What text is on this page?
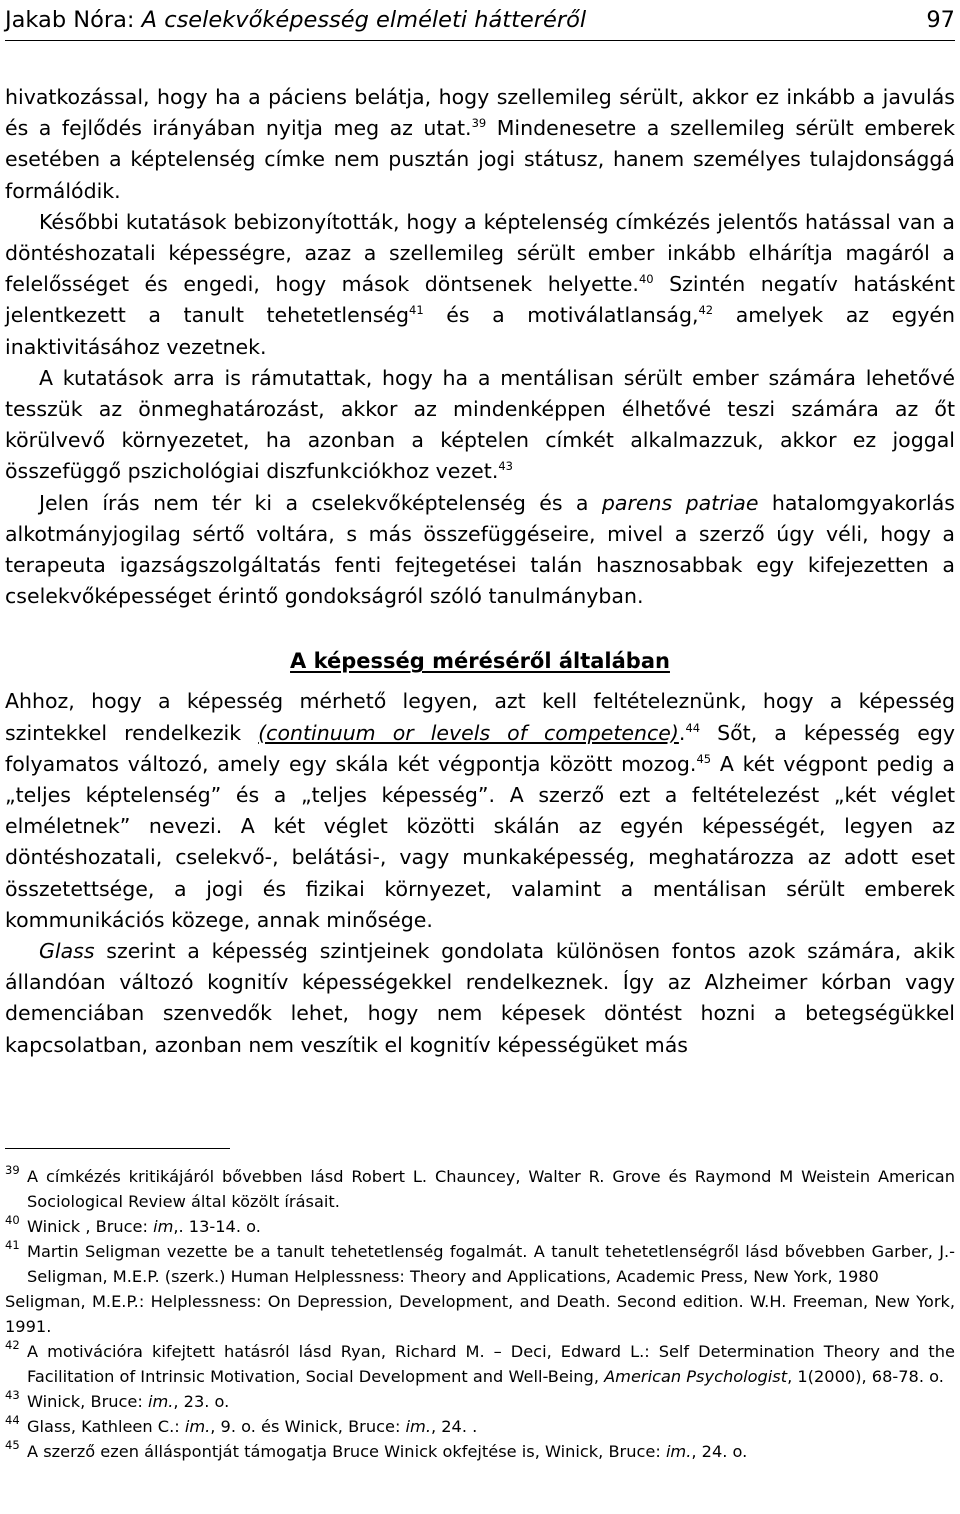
Jakab Nóra: A cselekvőképesség elméleti hátteréről	97

hivatkozással, hogy ha a páciens belátja, hogy szellemileg sérült, akkor ez inkább a javulás és a fejlődés irányában nyitja meg az utat.$^{39}$ Mindenesetre a szellemileg sérült emberek esetében a képtelenség címke nem pusztán jogi státusz, hanem személyes tulajdonsággá formálódik.

Későbbi kutatások bebizonyították, hogy a képtelenség címkézés jelentős hatással van a döntéshozatali képességre, azaz a szellemileg sérült ember inkább elhárítja magáról a felelősséget és engedi, hogy mások döntsenek helyette.$^{40}$ Szintén negatív hatásként jelentkezett a tanult tehetetlenség$^{41}$ és a motiválatlanság,$^{42}$ amelyek az egyén inaktivitásához vezetnek.

A kutatások arra is rámutattak, hogy ha a mentálisan sérült ember számára lehetővé tesszük az önmeghatározást, akkor az mindenképpen élhetővé teszi számára az őt körülvevő környezetet, ha azonban a képtelen címkét alkalmazzuk, akkor ez joggal összefüggő pszichológiai diszfunkciókhoz vezet.$^{43}$

Jelen írás nem tér ki a cselekvőképtelenség és a parens patriae hatalomgyakorlás alkotmányjogilag sértő voltára, s más összefüggéseire, mivel a szerző úgy véli, hogy a terapeuta igazságszolgáltatás fenti fejtegetései talán hasznosabbak egy kifejezetten a cselekvőképességet érintő gondokságról szóló tanulmányban.

A képesség méréséről általában

Ahhoz, hogy a képesség mérhető legyen, azt kell feltételeznünk, hogy a képesség szintekkel rendelkezik (continuum or levels of competence).$^{44}$ Sőt, a képesség egy folyamatos változó, amely egy skála két végpontja között mozog.$^{45}$ A két végpont pedig a „teljes képtelenség” és a „teljes képesség”. A szerző ezt a feltételezést „két véglet elméletnek” nevezi. A két véglet közötti skálán az egyén képességét, legyen az döntéshozatali, cselekvő-, belátási-, vagy munkaképesség, meghatározza az adott eset összetettsége, a jogi és fizikai környezet, valamint a mentálisan sérült emberek kommunikációs közege, annak minősége.

Glass szerint a képesség szintjeinek gondolata különösen fontos azok számára, akik állandóan változó kognitív képességekkel rendelkeznek. Így az Alzheimer kórban vagy demenciában szenvedők lehet, hogy nem képesek döntést hozni a betegségükkel kapcsolatban, azonban nem veszítik el kognitív képességüket más

39 A címkézés kritikájáról bővebben lásd Robert L. Chauncey, Walter R. Grove és Raymond M Weistein American Sociological Review által közölt írásait.
40 Winick , Bruce: im,. 13-14. o.
41 Martin Seligman vezette be a tanult tehetetlenség fogalmát. A tanult tehetetlenségről lásd bővebben Garber, J.-Seligman, M.E.P. (szerk.) Human Helplessness: Theory and Applications, Academic Press, New York, 1980
Seligman, M.E.P.: Helplessness: On Depression, Development, and Death. Second edition. W.H. Freeman, New York, 1991.
42 A motivációra kifejtett hatásról lásd Ryan, Richard M. – Deci, Edward L.: Self Determination Theory and the Facilitation of Intrinsic Motivation, Social Development and Well-Being, American Psychologist, 1(2000), 68-78. o.
43 Winick, Bruce: im., 23. o.
44 Glass, Kathleen C.: im., 9. o. és Winick, Bruce: im., 24. .
45 A szerző ezen álláspontját támogatja Bruce Winick okfejtése is, Winick, Bruce: im., 24. o.
